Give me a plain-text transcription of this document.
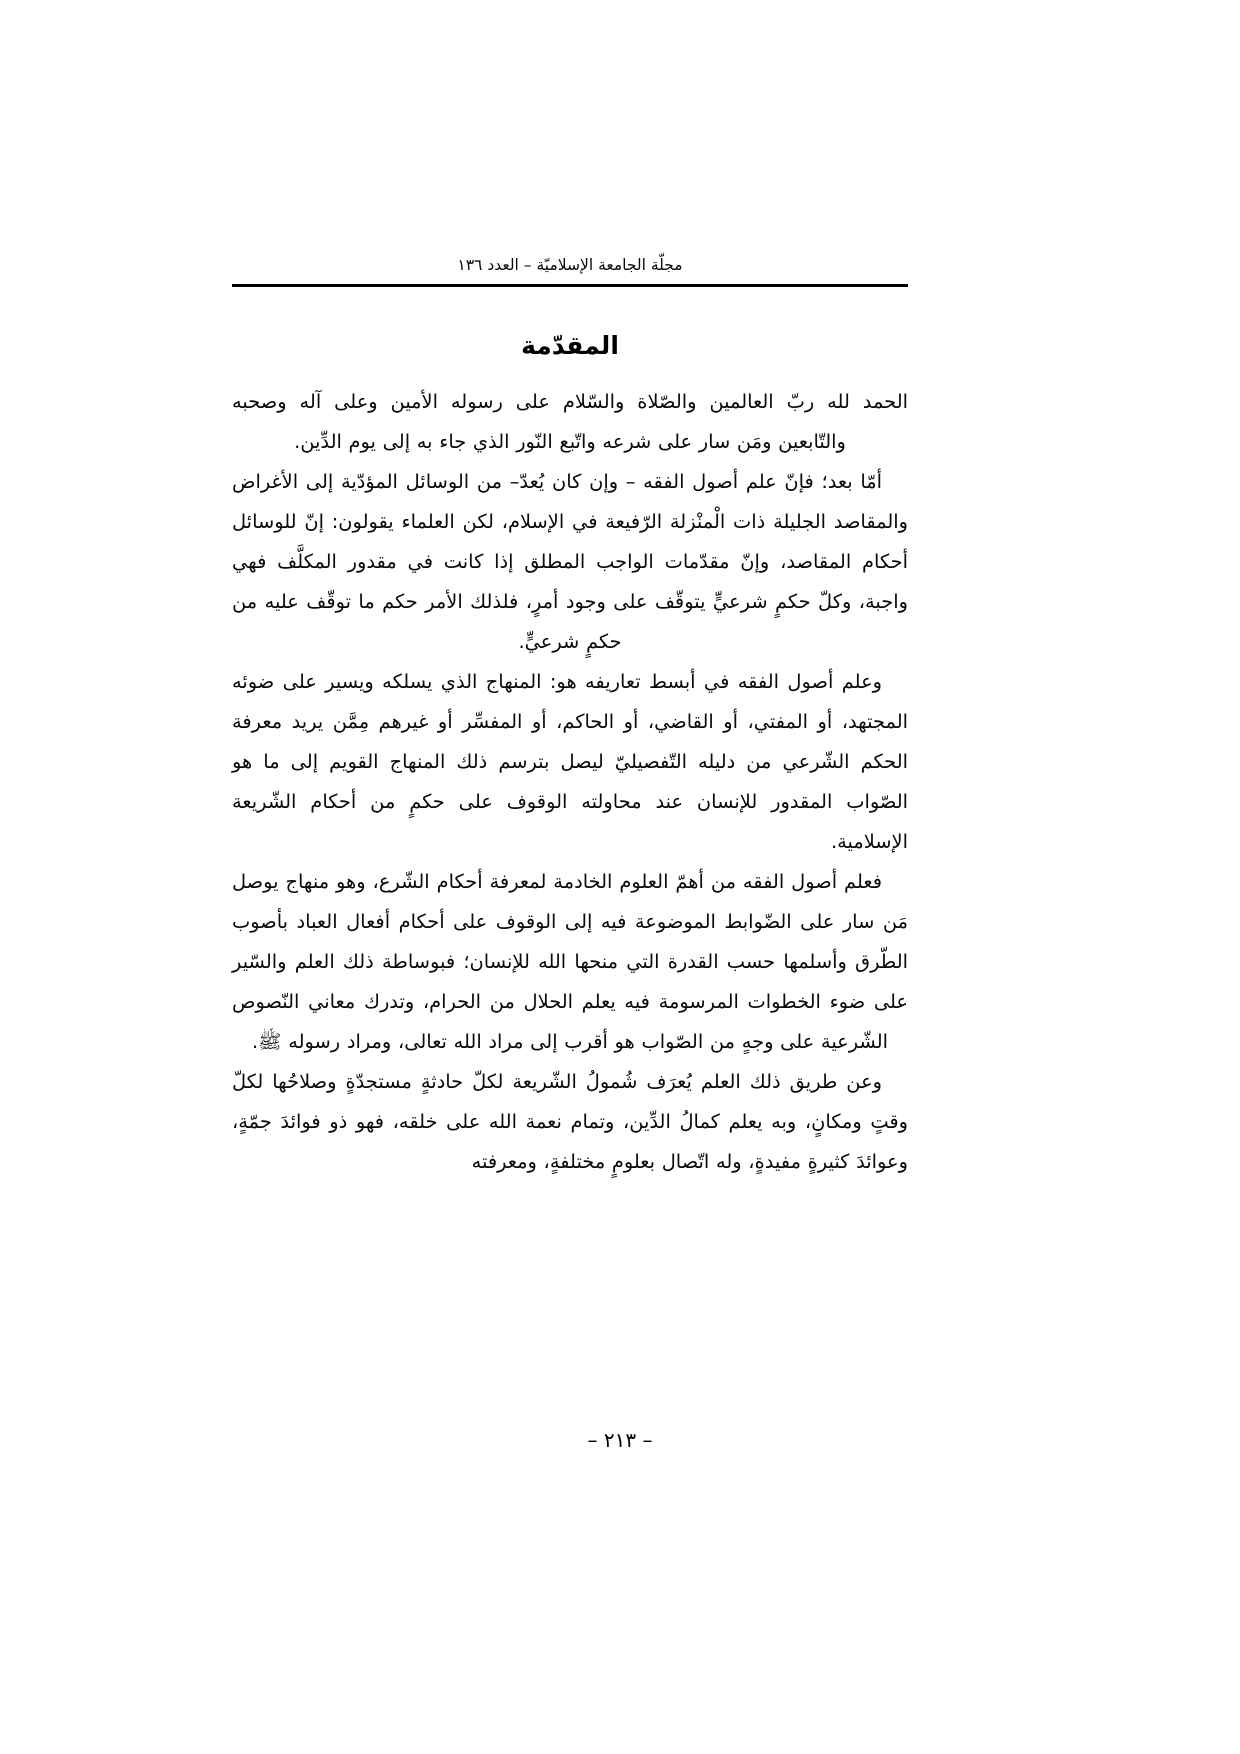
مجلّة الجامعة الإسلاميّة – العدد ١٣٦
المقدّمة

الحمد لله ربّ العالمين والصّلاة والسّلام على رسوله الأمين وعلى آله وصحبه والتّابعين ومَن سار على شرعه واتّبع النّور الذي جاء به إلى يوم الدِّين.

أمّا بعد؛ فإنّ علم أصول الفقه – وإن كان يُعدّ– من الوسائل المؤدّية إلى الأغراض والمقاصد الجليلة ذات الْمنْزلة الرّفيعة في الإسلام، لكن العلماء يقولون: إنّ للوسائل أحكام المقاصد، وإنّ مقدّمات الواجب المطلق إذا كانت في مقدور المكلَّف فهي واجبة، وكلّ حكمٍ شرعيٍّ يتوقّف على وجود أمرٍ، فلذلك الأمر حكم ما توقّف عليه من حكمٍ شرعيٍّ.

وعلم أصول الفقه في أبسط تعاريفه هو: المنهاج الذي يسلكه ويسير على ضوئه المجتهد، أو المفتي، أو القاضي، أو الحاكم، أو المفسِّر أو غيرهم مِمَّن يريد معرفة الحكم الشّرعي من دليله التّفصيليّ ليصل بترسم ذلك المنهاج القويم إلى ما هو الصّواب المقدور للإنسان عند محاولته الوقوف على حكمٍ من أحكام الشّريعة الإسلامية.

فعلم أصول الفقه من أهمّ العلوم الخادمة لمعرفة أحكام الشّرع، وهو منهاج يوصل مَن سار على الضّوابط الموضوعة فيه إلى الوقوف على أحكام أفعال العباد بأصوب الطّرق وأسلمها حسب القدرة التي منحها الله للإنسان؛ فبوساطة ذلك العلم والسّير على ضوء الخطوات المرسومة فيه يعلم الحلال من الحرام، وتدرك معاني النّصوص الشّرعية على وجهٍ من الصّواب هو أقرب إلى مراد الله تعالى، ومراد رسوله ﷺ.

وعن طريق ذلك العلم يُعرَف شُمولُ الشّريعة لكلّ حادثةٍ مستجدّةٍ وصلاحُها لكلّ وقتٍ ومكانٍ، وبه يعلم كمالُ الدِّين، وتمام نعمة الله على خلقه، فهو ذو فوائدَ جمّةٍ، وعوائدَ كثيرةٍ مفيدةٍ، وله اتّصال بعلومٍ مختلفةٍ، ومعرفته

– ٢١٣ –
